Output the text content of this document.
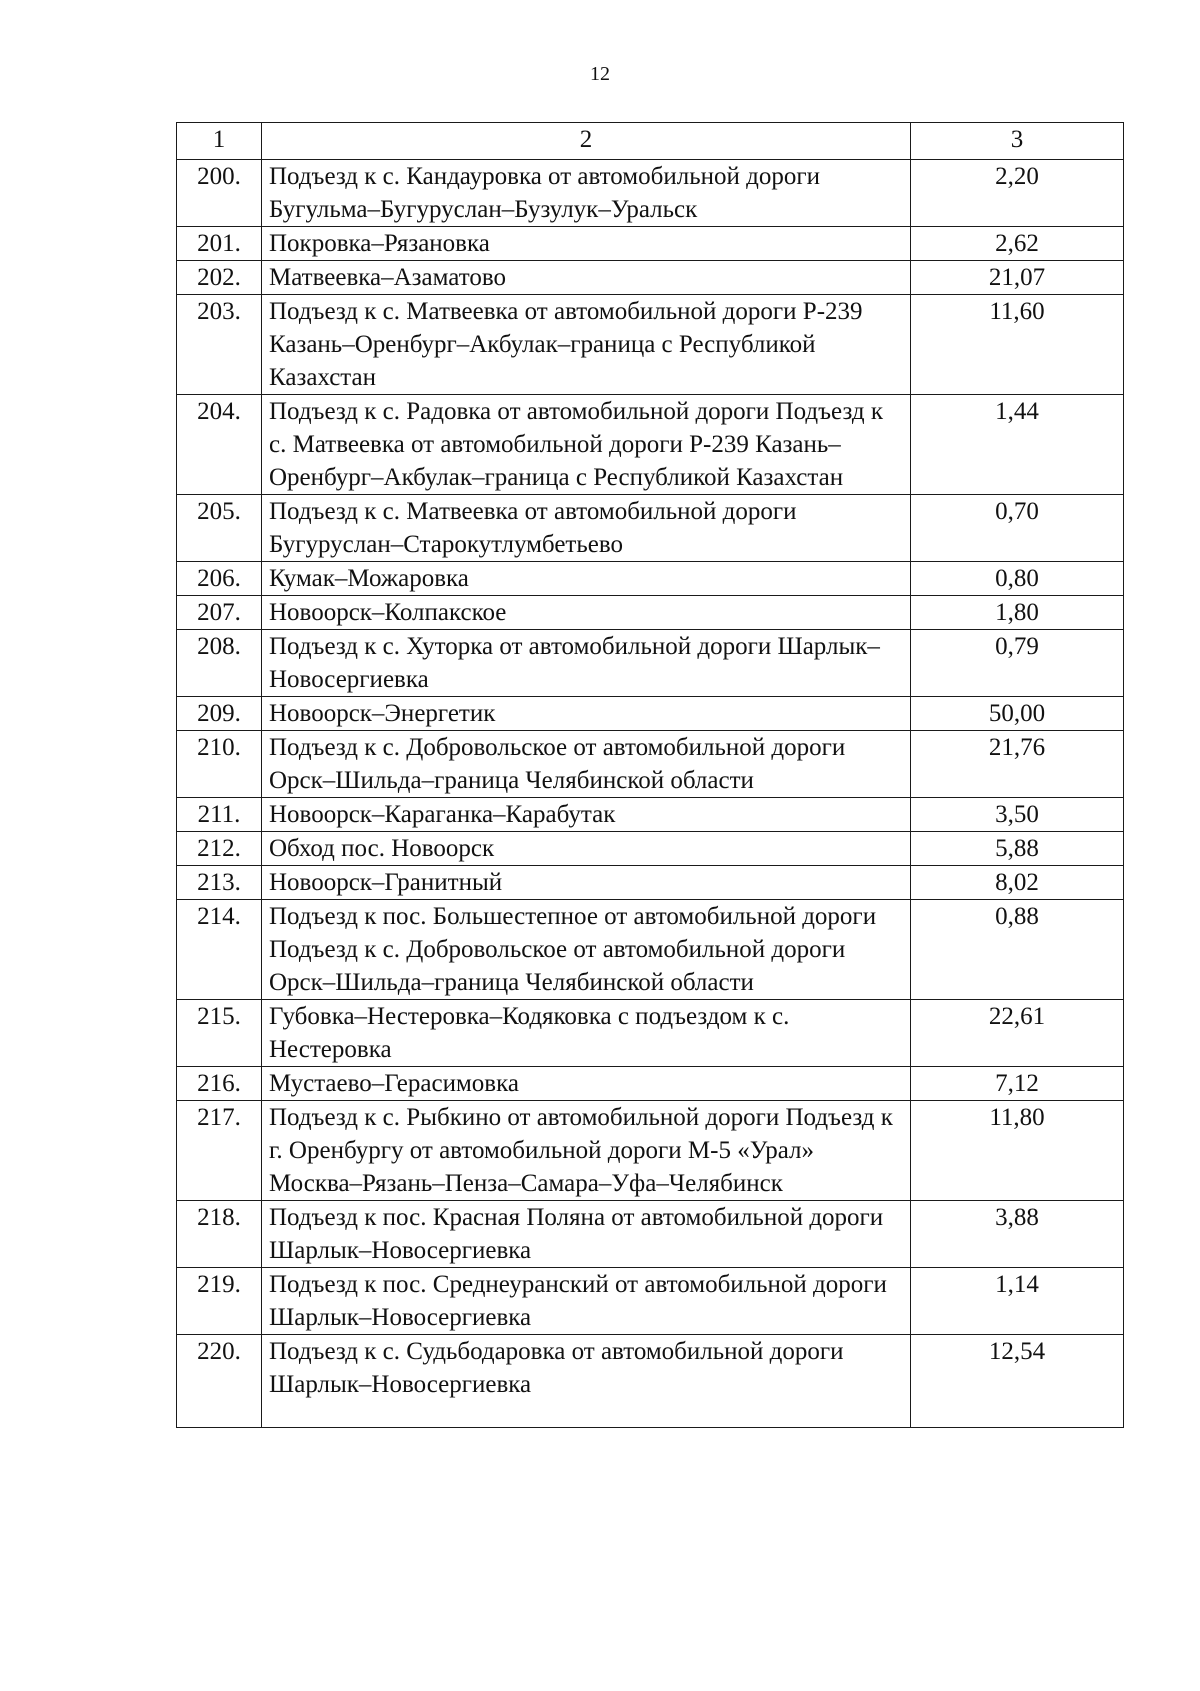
12
1	2	3
200.	Подъезд к с. Кандауровка от автомобильной дороги Бугульма–Бугуруслан–Бузулук–Уральск	2,20
201.	Покровка–Рязановка	2,62
202.	Матвеевка–Азаматово	21,07
203.	Подъезд к с. Матвеевка от автомобильной дороги Р-239 Казань–Оренбург–Акбулак–граница с Республикой Казахстан	11,60
204.	Подъезд к с. Радовка от автомобильной дороги Подъезд к с. Матвеевка от автомобильной дороги Р-239 Казань–Оренбург–Акбулак–граница с Республикой Казахстан	1,44
205.	Подъезд к с. Матвеевка от автомобильной дороги Бугуруслан–Старокутлумбетьево	0,70
206.	Кумак–Можаровка	0,80
207.	Новоорск–Колпакское	1,80
208.	Подъезд к с. Хуторка от автомобильной дороги Шарлык–Новосергиевка	0,79
209.	Новоорск–Энергетик	50,00
210.	Подъезд к с. Добровольское от автомобильной дороги Орск–Шильда–граница Челябинской области	21,76
211.	Новоорск–Караганка–Карабутак	3,50
212.	Обход пос. Новоорск	5,88
213.	Новоорск–Гранитный	8,02
214.	Подъезд к пос. Большестепное от автомобильной дороги Подъезд к с. Добровольское от автомобильной дороги Орск–Шильда–граница Челябинской области	0,88
215.	Губовка–Нестеровка–Кодяковка с подъездом к с. Нестеровка	22,61
216.	Мустаево–Герасимовка	7,12
217.	Подъезд к с. Рыбкино от автомобильной дороги Подъезд к г. Оренбургу от автомобильной дороги М-5 «Урал» Москва–Рязань–Пенза–Самара–Уфа–Челябинск	11,80
218.	Подъезд к пос. Красная Поляна от автомобильной дороги Шарлык–Новосергиевка	3,88
219.	Подъезд к пос. Среднеуранский от автомобильной дороги Шарлык–Новосергиевка	1,14
220.	Подъезд к с. Судьбодаровка от автомобильной дороги Шарлык–Новосергиевка	12,54
